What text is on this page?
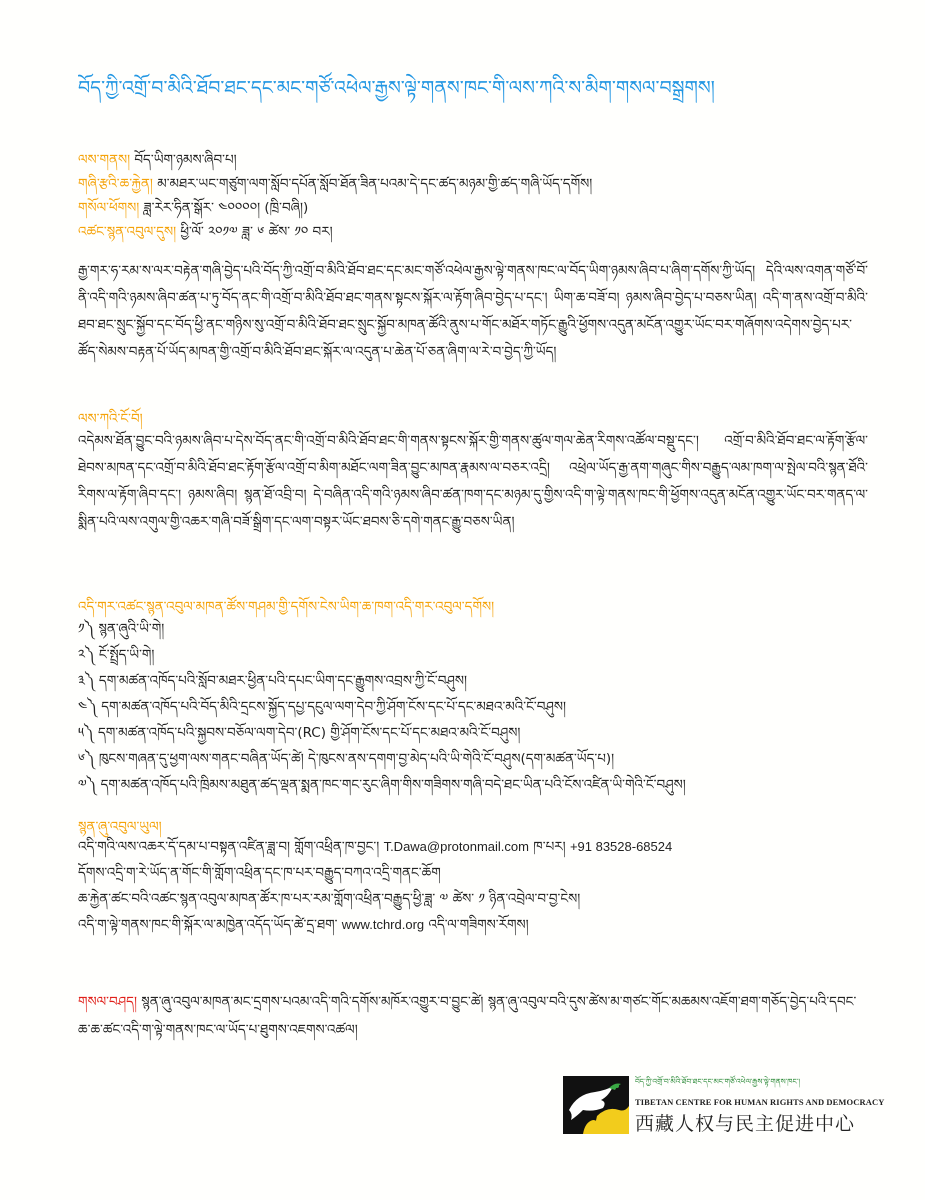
བོད་ཀྱི་འགྲོ་བ་མིའི་ཐོབ་ཐང་དང་མང་གཙོ་འཕེལ་རྒྱས་ལྟེ་གནས་ཁང་གི་ལས་ཀའི་ས་མིག་གསལ་བསྒྲགས།
ལས་གནས། བོད་ཡིག་ཉམས་ཞིབ་པ།
གཞི་རྩའི་ཆ་རྐྱེན། མ་མཐར་ཡང་གཙུག་ལག་སློབ་དཔོན་སློབ་ཐོན་ཟིན་པའམ་དེ་དང་ཚད་མཉམ་གྱི་ཚད་གཞི་ཡོད་དགོས།
གསོལ་ཕོགས། ཟླ་རེར་ཧིན་སྒོར་ ༤༠༠༠༠། (ཁྲི་བཞི།)
འཚང་སྙན་འབུལ་དུས། ཕྱི་ལོ་ ༢༠༡༧ ཟླ་ ༦ ཚེས་ ༡༠ བར།
རྒྱ་གར་ཧ་རམ་ས་ལར་བརྟེན་གཞི་བྱེད་པའི་བོད་ཀྱི་འགྲོ་བ་མིའི་ཐོབ་ཐང་དང་མང་གཙོ་འཕེལ་རྒྱས་ལྟེ་གནས་ཁང་ལ་བོད་ཡིག་ཉམས་ཞིབ་པ་ཞིག་དགོས་ཀྱི་ཡོད། དེའི་ལས་འགན་གཙོ་བོ་ནི་འདི་གའི་ཉམས་ཞིབ་ཚན་པ་ཏུ་བོད་ནང་གི་འགྲོ་བ་མིའི་ཐོབ་ཐང་གནས་སྟངས་སྐོར་ལ་རྟོག་ཞིབ་བྱེད་པ་དང་། ཡིག་ཆ་བཟོ་བ། ཉམས་ཞིབ་བྱེད་པ་བཅས་ཡིན། འདི་ག་ནས་འགྲོ་བ་མིའི་ཐབ་ཐང་སྲུང་སྐྱོབ་དང་བོད་ཕྱི་ནང་གཉིས་སུ་འགྲོ་བ་མིའི་ཐོབ་ཐང་སྲུང་སྐྱོབ་མཁན་ཚོའི་ནུས་པ་གོང་མཐོར་གཏོང་རྒྱུའི་ཕྱོགས་འདུན་མངོན་འགྱུར་ཡོང་བར་གཞོགས་འདེགས་བྱེད་པར་ཚོད་སེམས་བརྟན་པོ་ཡོད་མཁན་གྱི་འགྲོ་བ་མིའི་ཐོབ་ཐང་སྐོར་ལ་འདུན་པ་ཆེན་པོ་ཅན་ཞིག་ལ་རེ་བ་བྱེད་ཀྱི་ཡོད།
ལས་ཀའི་ངོ་བོ།
འདེམས་ཐོན་བྱུང་བའི་ཉམས་ཞིབ་པ་དེས་བོད་ནང་གི་འགྲོ་བ་མིའི་ཐོབ་ཐང་གི་གནས་སྟངས་སྐོར་གྱི་གནས་ཚུལ་གལ་ཆེན་རིགས་འཚོལ་བསྡུ་དང་། འགྲོ་བ་མིའི་ཐོབ་ཐང་ལ་རྟོག་རྩོལ་ཐེབས་མཁན་དང་འགྲོ་བ་མིའི་ཐོབ་ཐང་རྟོག་རྩོལ་འགྲོ་བ་མིག་མཐོང་ལག་ཟིན་བྱུང་མཁན་རྣམས་ལ་བཅར་འདྲི། འཕྲེལ་ཡོད་རྒྱ་ནག་གཞུང་གིས་བརྒྱུད་ལམ་ཁག་ལ་སྤེལ་བའི་སྙན་ཐོའི་རིགས་ལ་རྟོག་ཞིབ་དང་། ཉམས་ཞིབ། སྙན་ཐོ་འབྲི་བ། དེ་བཞིན་འདི་གའི་ཉམས་ཞིབ་ཚན་ཁག་དང་མཉམ་དུ་གྱིས་འདི་ག་ལྟེ་གནས་ཁང་གི་ཕྱོགས་འདུན་མངོན་འགྱུར་ཡོང་བར་གནད་ལ་སྨིན་པའི་ལས་འགུལ་གྱི་འཆར་གཞི་བཟོ་སྒྲིག་དང་ལག་བསྟར་ཡོང་ཐབས་ཅི་དགེ་གནང་རྒྱུ་བཅས་ཡིན།
འདི་གར་འཚང་སྙན་འབུལ་མཁན་ཚོས་གཤམ་གྱི་དགོས་ངེས་ཡིག་ཆ་ཁག་འདི་གར་འབུལ་དགོས།
༡༽ སྙན་ཞུའི་ཡི་གེ།
༢༽ ངོ་སྤྲོད་ཡི་གེ།
༣༽ དག་མཚན་འཁོད་པའི་སློབ་མཐར་ཕྱིན་པའི་དཔང་ཡིག་དང་རྒྱུགས་འབྲས་ཀྱི་ངོ་བཤུས།
༤༽ དག་མཚན་འཁོད་པའི་བོད་མིའི་དྲངས་སྐྱོད་དཔྱ་དངུལ་ལག་དེབ་ཀྱི་ཤོག་ངོས་དང་པོ་དང་མཐའ་མའི་ངོ་བཤུས།
༥༽ དག་མཚན་འཁོད་པའི་སྐྱབས་བཅོལ་ལག་དེབ་(RC) གྱི་ཤོག་ངོས་དང་པོ་དང་མཐའ་མའི་ངོ་བཤུས།
༦༽ ཁུངས་གཞན་དུ་ཕྱག་ལས་གནང་བཞིན་ཡོད་ཚེ། དེ་ཁུངས་ནས་དགག་བྱ་མེད་པའི་ཡི་གེའི་ངོ་བཤུས(དག་མཚན་ཡོད་པ)།
༧༽ དག་མཚན་འཁོད་པའི་ཁྲིམས་མཐུན་ཚད་ལྡན་སྨན་ཁང་གང་རུང་ཞིག་གིས་གཟིགས་གཞི་བདེ་ཐང་ཡིན་པའི་ངོས་འཛིན་ཡི་གེའི་ངོ་བཤུས།
སྙན་ཞུ་འབུལ་ཡུལ།
འདི་གའི་ལས་འཆར་དོ་དམ་པ་བསྟན་འཛིན་ཟླ་བ། གློག་འཕྲིན་ཁ་བྱང་། T.Dawa@protonmail.com ཁ་པར། +91 83528-68524
དོགས་འདྲི་ག་རེ་ཡོད་ན་གོང་གི་གློག་འཕྲིན་དང་ཁ་པར་བརྒྱུད་བཀའ་འདྲི་གནང་ཆོག
ཆ་རྐྱེན་ཚང་བའི་འཚང་སྙན་འབུལ་མཁན་ཚོར་ཁ་པར་རམ་གློག་འཕྲིན་བརྒྱུད་ཕྱི་ཟླ་ ༧ ཚེས་ ༡ ཉིན་འབྲེལ་བ་བྱ་ངེས།
འདི་ག་ལྟེ་གནས་ཁང་གི་སྐོར་ལ་མཁྱེན་འདོད་ཡོད་ཚེ་དྲ་ཐག་ www.tchrd.org འདི་ལ་གཟིགས་རོགས།
གསལ་བཤད། སྙན་ཞུ་འབུལ་མཁན་མང་དྲགས་པའམ་འདི་གའི་དགོས་མཁོར་འགྱུར་བ་བྱུང་ཚེ། སྙན་ཞུ་འབུལ་བའི་དུས་ཚེས་མ་གཙང་གོང་མཆམས་འཇོག་ཐག་གཅོད་བྱེད་པའི་དབང་ཆ་ཆ་ཚང་འདི་ག་ལྟེ་གནས་ཁང་ལ་ཡོད་པ་ཐུགས་འཇགས་འཚལ།
བོད་ཀྱི་འགྲོ་བ་མིའི་ཐོབ་ཐང་དང་མང་གཙོ་འཕེལ་རྒྱས་ལྟེ་གནས་ཁང་།
TIBETAN CENTRE FOR HUMAN RIGHTS AND DEMOCRACY
西藏人权与民主促进中心
